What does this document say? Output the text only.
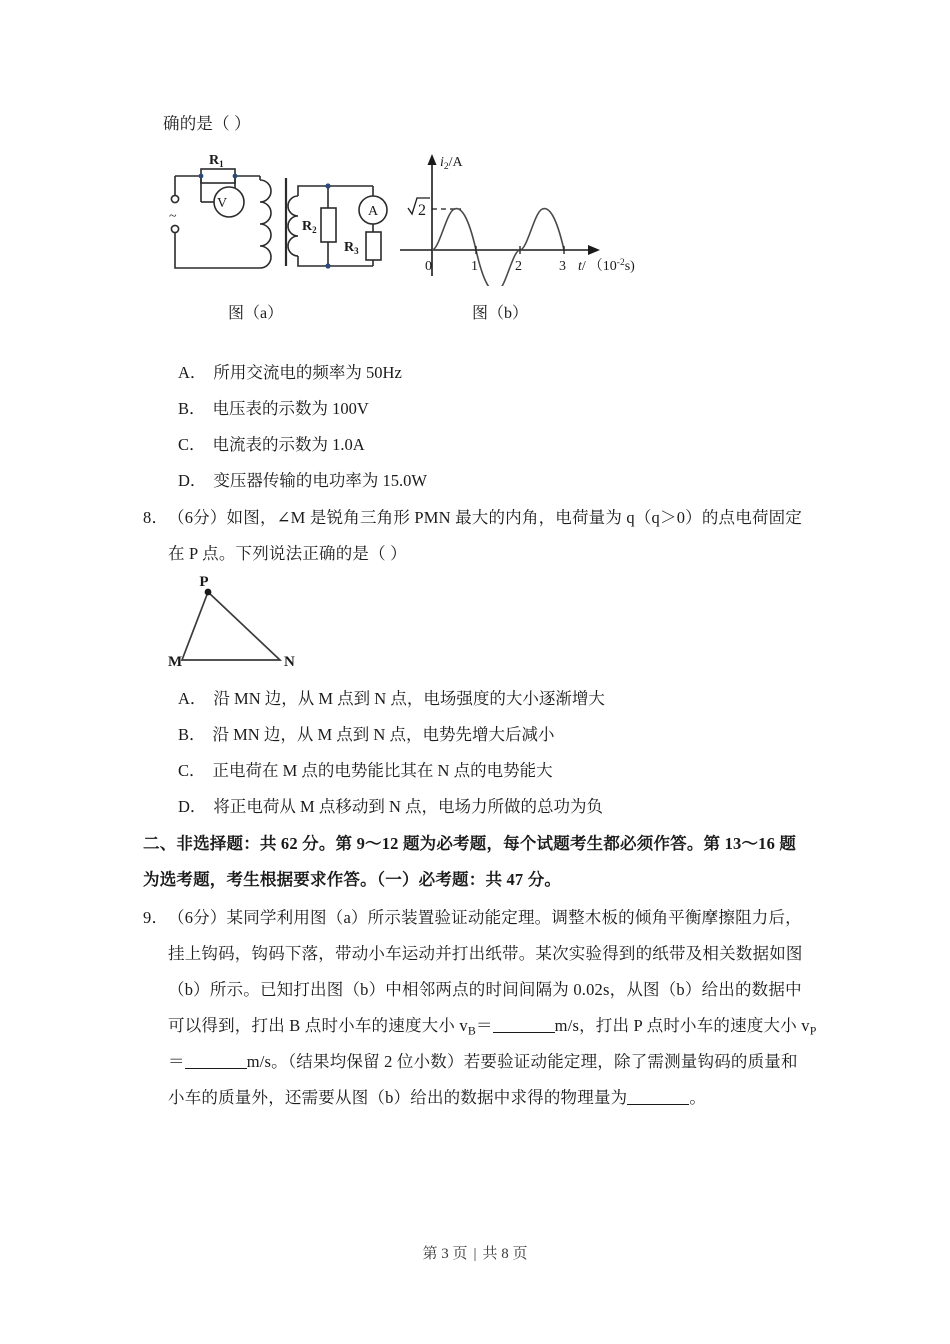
确的是（ ）
$R_1$
V
$R_2$
A
$R_3$
~
$i_2/A$
2
0	1	2	3 t/ $(10^{-2}s)$
图（a）	图（b）
A． 所用交流电的频率为 50Hz
B． 电压表的示数为 100V
C． 电流表的示数为 1.0A
D． 变压器传输的电功率为 15.0W
8． （6分）如图，∠M 是锐角三角形 PMN 最大的内角，电荷量为 q（q＞0）的点电荷固定
在 P 点。下列说法正确的是（ ）
P
M	N
A． 沿 MN 边，从 M 点到 N 点，电场强度的大小逐渐增大
B． 沿 MN 边，从 M 点到 N 点，电势先增大后减小
C． 正电荷在 M 点的电势能比其在 N 点的电势能大
D． 将正电荷从 M 点移动到 N 点，电场力所做的总功为负
二、非选择题：共 62 分。第 9～12 题为必考题，每个试题考生都必须作答。第 13～16 题
为选考题，考生根据要求作答。（一）必考题：共 47 分。
9． （6分）某同学利用图（a）所示装置验证动能定理。调整木板的倾角平衡摩擦阻力后，
挂上钩码，钩码下落，带动小车运动并打出纸带。某次实验得到的纸带及相关数据如图
（b）所示。已知打出图（b）中相邻两点的时间间隔为 0.02s，从图（b）给出的数据中
可以得到，打出 B 点时小车的速度大小 $v_B=$	m/s，打出 P 点时小车的速度大小 $v_P$
＝	m/s。（结果均保留 2 位小数）若要验证动能定理，除了需测量钩码的质量和
小车的质量外，还需要从图（b）给出的数据中求得的物理量为	。
第 3 页 | 共 8 页
